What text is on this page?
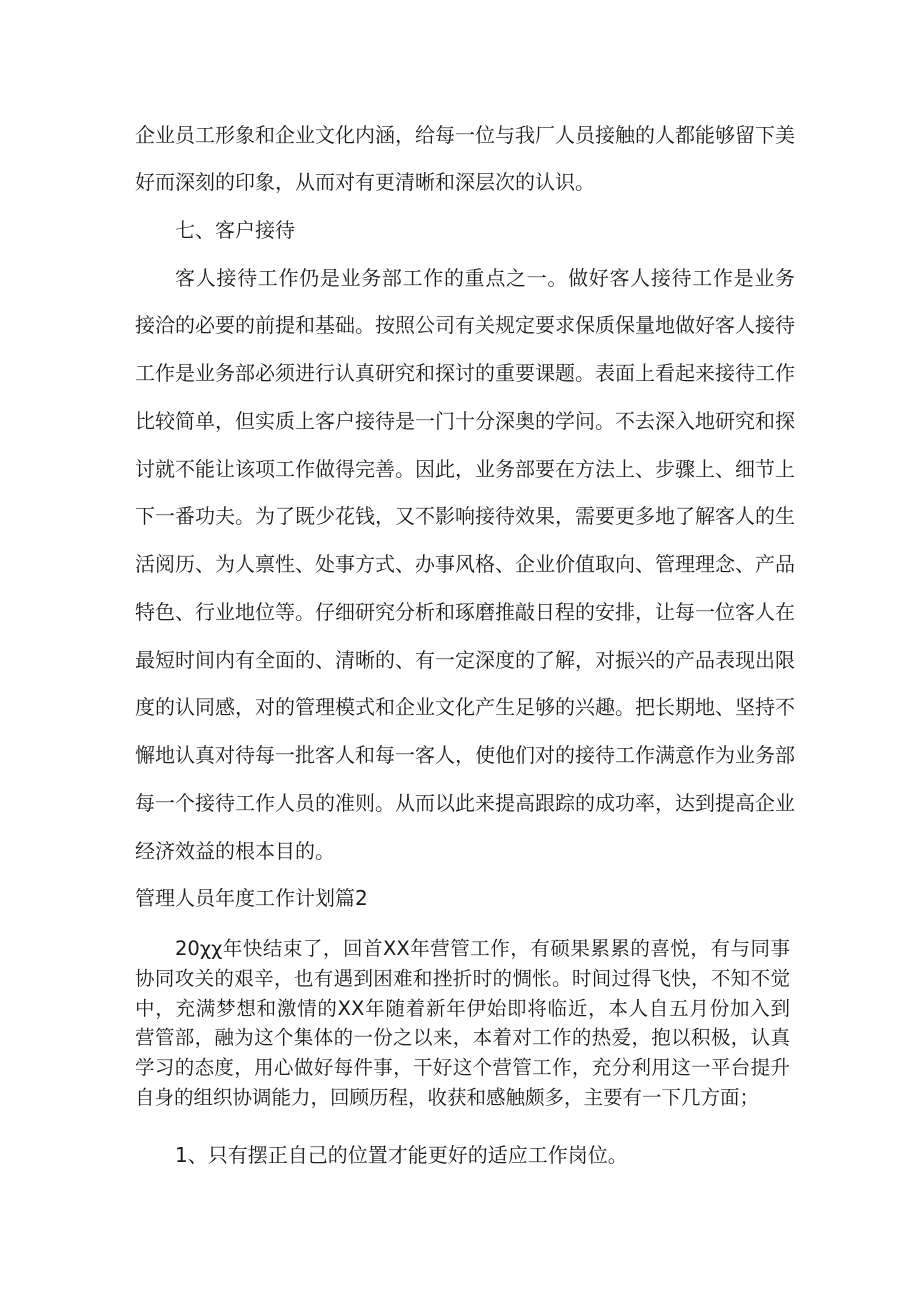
企业员工形象和企业文化内涵，给每一位与我厂人员接触的人都能够留下美

好而深刻的印象，从而对有更清晰和深层次的认识。

七、客户接待

客人接待工作仍是业务部工作的重点之一。做好客人接待工作是业务

接洽的必要的前提和基础。按照公司有关规定要求保质保量地做好客人接待

工作是业务部必须进行认真研究和探讨的重要课题。表面上看起来接待工作

比较简单，但实质上客户接待是一门十分深奥的学问。不去深入地研究和探

讨就不能让该项工作做得完善。因此，业务部要在方法上、步骤上、细节上

下一番功夫。为了既少花钱，又不影响接待效果，需要更多地了解客人的生

活阅历、为人禀性、处事方式、办事风格、企业价值取向、管理理念、产品

特色、行业地位等。仔细研究分析和琢磨推敲日程的安排，让每一位客人在

最短时间内有全面的、清晰的、有一定深度的了解，对振兴的产品表现出限

度的认同感，对的管理模式和企业文化产生足够的兴趣。把长期地、坚持不

懈地认真对待每一批客人和每一客人，使他们对的接待工作满意作为业务部

每一个接待工作人员的准则。从而以此来提高跟踪的成功率，达到提高企业

经济效益的根本目的。

管理人员年度工作计划篇2

20χχ年快结束了，回首XX年营管工作，有硕果累累的喜悦，有与同事

协同攻关的艰辛，也有遇到困难和挫折时的惆怅。时间过得飞快，不知不觉

中，充满梦想和激情的XX年随着新年伊始即将临近，本人自五月份加入到

营管部，融为这个集体的一份之以来，本着对工作的热爱，抱以积极，认真

学习的态度，用心做好每件事，干好这个营管工作，充分利用这一平台提升

自身的组织协调能力，回顾历程，收获和感触颇多，主要有一下几方面；

1、只有摆正自己的位置才能更好的适应工作岗位。
